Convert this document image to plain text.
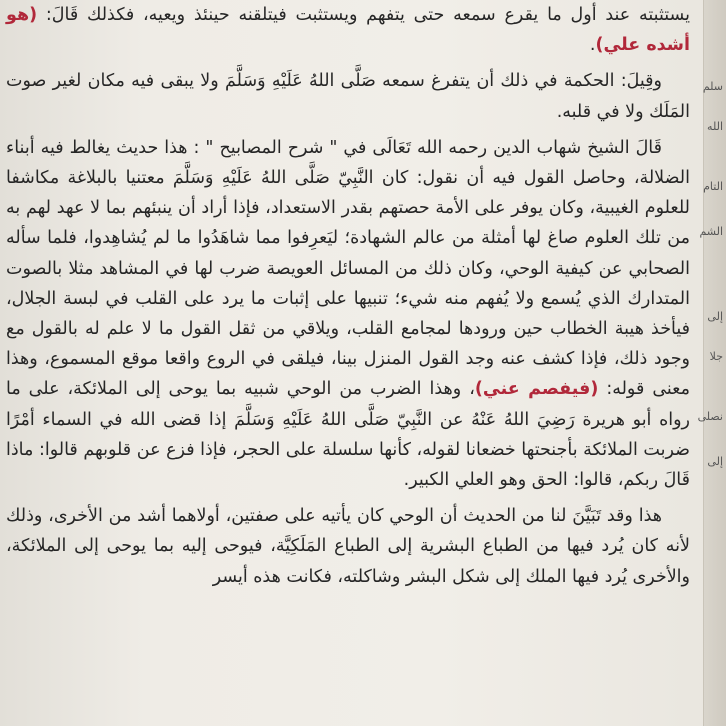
يستثبته عند أول ما يقرع سمعه حتى يتفهم ويستثبت فيتلقنه حينئذ ويعيه، فكذلك قَالَ: (هو أشده علي).

وقِيلَ: الحكمة في ذلك أن يتفرغ سمعه صَلَّى اللهُ عَلَيْهِ وَسَلَّمَ ولا يبقى فيه مكان لغير صوت المَلَك ولا في قلبه.

قَالَ الشيخ شهاب الدين رحمه الله تَعَالَى في " شرح المصابيح " : هذا حديث يغالط فيه أبناء الضلالة، وحاصل القول فيه أن نقول: كان النَّبِيّ صَلَّى اللهُ عَلَيْهِ وَسَلَّمَ معتنيا بالبلاغة مكاشفا للعلوم الغيبية، وكان يوفر على الأمة حصتهم بقدر الاستعداد، فإذا أراد أن ينبئهم بما لا عهد لهم به من تلك العلوم صاغ لها أمثلة من عالم الشهادة؛ ليَعرِفوا مما شاهَدُوا ما لم يُشاهِدوا، فلما سأله الصحابي عن كيفية الوحي، وكان ذلك من المسائل العويصة ضرب لها في المشاهد مثلا بالصوت المتدارك الذي يُسمع ولا يُفهم منه شيء؛ تنبيها على إثبات ما يرد على القلب في لبسة الجلال، فيأخذ هيبة الخطاب حين ورودها لمجامع القلب، ويلاقي من ثقل القول ما لا علم له بالقول مع وجود ذلك، فإذا كشف عنه وجد القول المنزل بينا، فيلقى في الروع واقعا موقع المسموع، وهذا معنى قوله: (فيفصم عني)، وهذا الضرب من الوحي شبيه بما يوحى إلى الملائكة، على ما رواه أبو هريرة رَضِيَ اللهُ عَنْهُ عن النَّبِيّ صَلَّى اللهُ عَلَيْهِ وَسَلَّمَ إذا قضى الله في السماء أمْرًا ضربت الملائكة بأجنحتها خضعانا لقوله، كأنها سلسلة على الحجر، فإذا فزع عن قلوبهم قالوا: ماذا قَالَ ربكم، قالوا: الحق وهو العلي الكبير.

هذا وقد تَبَيَّنَ لنا من الحديث أن الوحي كان يأتيه على صفتين، أولاهما أشد من الأخرى، وذلك لأنه كان يُرد فيها من الطباع البشرية إلى الطباع المَلَكِيَّة، فيوحى إليه بما يوحى إلى الملائكة، والأخرى يُرد فيها الملك إلى شكل البشر وشاكلته، فكانت هذه أيسر

سلم
الله
التام
الشم
إلى
جلا
نصلى
إلى
